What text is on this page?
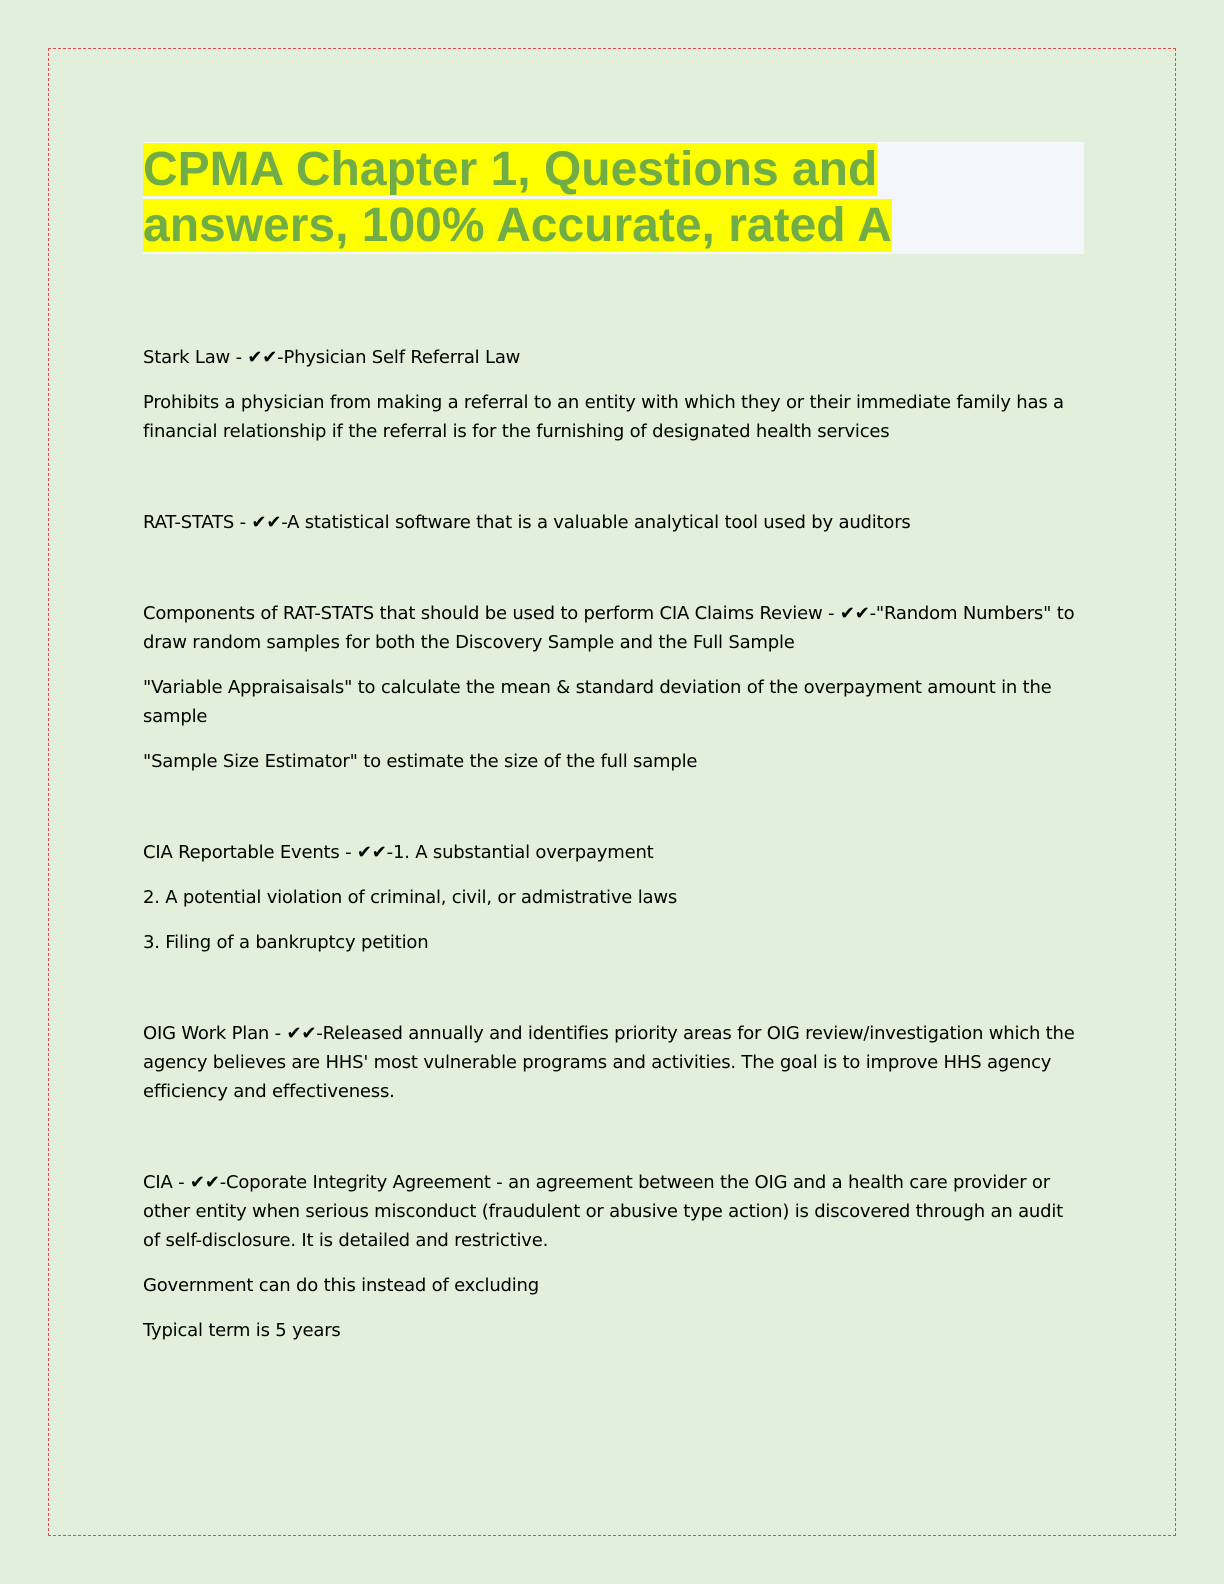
CPMA Chapter 1, Questions and answers, 100% Accurate, rated A

Stark Law - ✔✔-Physician Self Referral Law

Prohibits a physician from making a referral to an entity with which they or their immediate family has a financial relationship if the referral is for the furnishing of designated health services

RAT-STATS - ✔✔-A statistical software that is a valuable analytical tool used by auditors

Components of RAT-STATS that should be used to perform CIA Claims Review - ✔✔-"Random Numbers" to draw random samples for both the Discovery Sample and the Full Sample

"Variable Appraisaisals" to calculate the mean & standard deviation of the overpayment amount in the sample

"Sample Size Estimator" to estimate the size of the full sample

CIA Reportable Events - ✔✔-1. A substantial overpayment

2. A potential violation of criminal, civil, or admistrative laws

3. Filing of a bankruptcy petition

OIG Work Plan - ✔✔-Released annually and identifies priority areas for OIG review/investigation which the agency believes are HHS' most vulnerable programs and activities. The goal is to improve HHS agency efficiency and effectiveness.

CIA - ✔✔-Coporate Integrity Agreement - an agreement between the OIG and a health care provider or other entity when serious misconduct (fraudulent or abusive type action) is discovered through an audit of self-disclosure. It is detailed and restrictive.

Government can do this instead of excluding

Typical term is 5 years
